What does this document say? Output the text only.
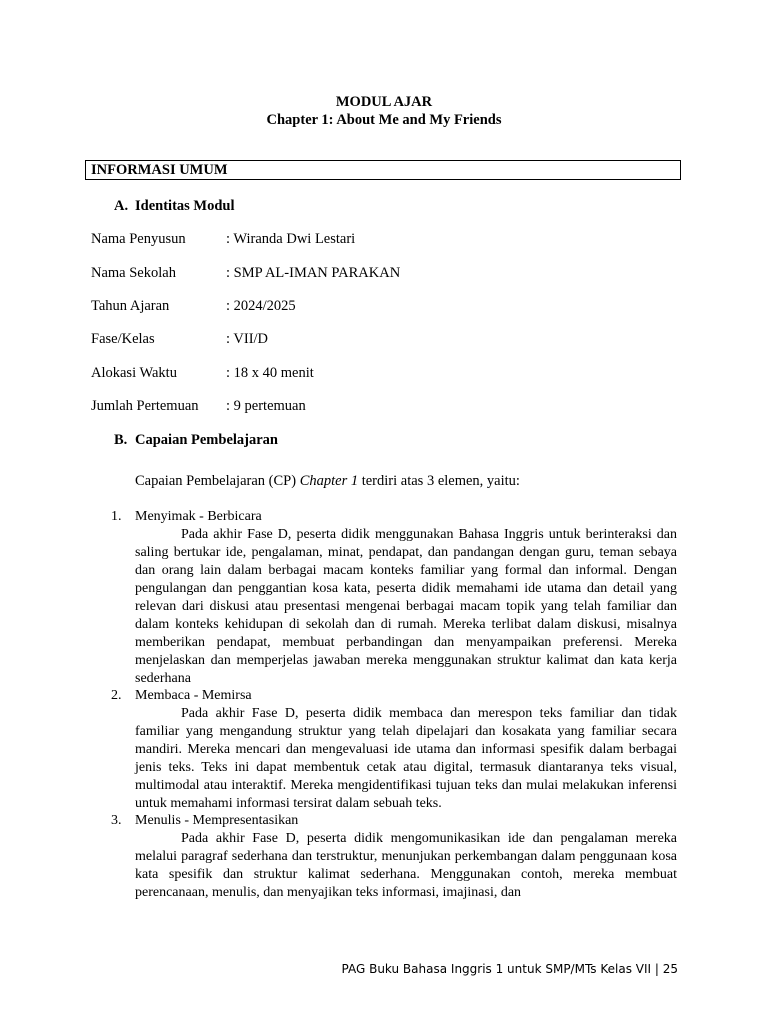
MODUL AJAR
Chapter 1: About Me and My Friends
INFORMASI UMUM
A. Identitas Modul
Nama Penyusun	: Wiranda Dwi Lestari
Nama Sekolah	: SMP AL-IMAN PARAKAN
Tahun Ajaran	: 2024/2025
Fase/Kelas	: VII/D
Alokasi Waktu	: 18 x 40 menit
Jumlah Pertemuan : 9 pertemuan
B. Capaian Pembelajaran
Capaian Pembelajaran (CP) Chapter 1 terdiri atas 3 elemen, yaitu:
1. Menyimak - Berbicara

Pada akhir Fase D, peserta didik menggunakan Bahasa Inggris untuk berinteraksi dan saling bertukar ide, pengalaman, minat, pendapat, dan pandangan dengan guru, teman sebaya dan orang lain dalam berbagai macam konteks familiar yang formal dan informal. Dengan pengulangan dan penggantian kosa kata, peserta didik memahami ide utama dan detail yang relevan dari diskusi atau presentasi mengenai berbagai macam topik yang telah familiar dan dalam konteks kehidupan di sekolah dan di rumah. Mereka terlibat dalam diskusi, misalnya memberikan pendapat, membuat perbandingan dan menyampaikan preferensi. Mereka menjelaskan dan memperjelas jawaban mereka menggunakan struktur kalimat dan kata kerja sederhana

2. Membaca - Memirsa

Pada akhir Fase D, peserta didik membaca dan merespon teks familiar dan tidak familiar yang mengandung struktur yang telah dipelajari dan kosakata yang familiar secara mandiri. Mereka mencari dan mengevaluasi ide utama dan informasi spesifik dalam berbagai jenis teks. Teks ini dapat membentuk cetak atau digital, termasuk diantaranya teks visual, multimodal atau interaktif. Mereka mengidentifikasi tujuan teks dan mulai melakukan inferensi untuk memahami informasi tersirat dalam sebuah teks.

3. Menulis - Mempresentasikan

Pada akhir Fase D, peserta didik mengomunikasikan ide dan pengalaman mereka melalui paragraf sederhana dan terstruktur, menunjukan perkembangan dalam penggunaan kosa kata spesifik dan struktur kalimat sederhana. Menggunakan contoh, mereka membuat perencanaan, menulis, dan menyajikan teks informasi, imajinasi, dan

PAG Buku Bahasa Inggris 1 untuk SMP/MTs Kelas VII | 25
